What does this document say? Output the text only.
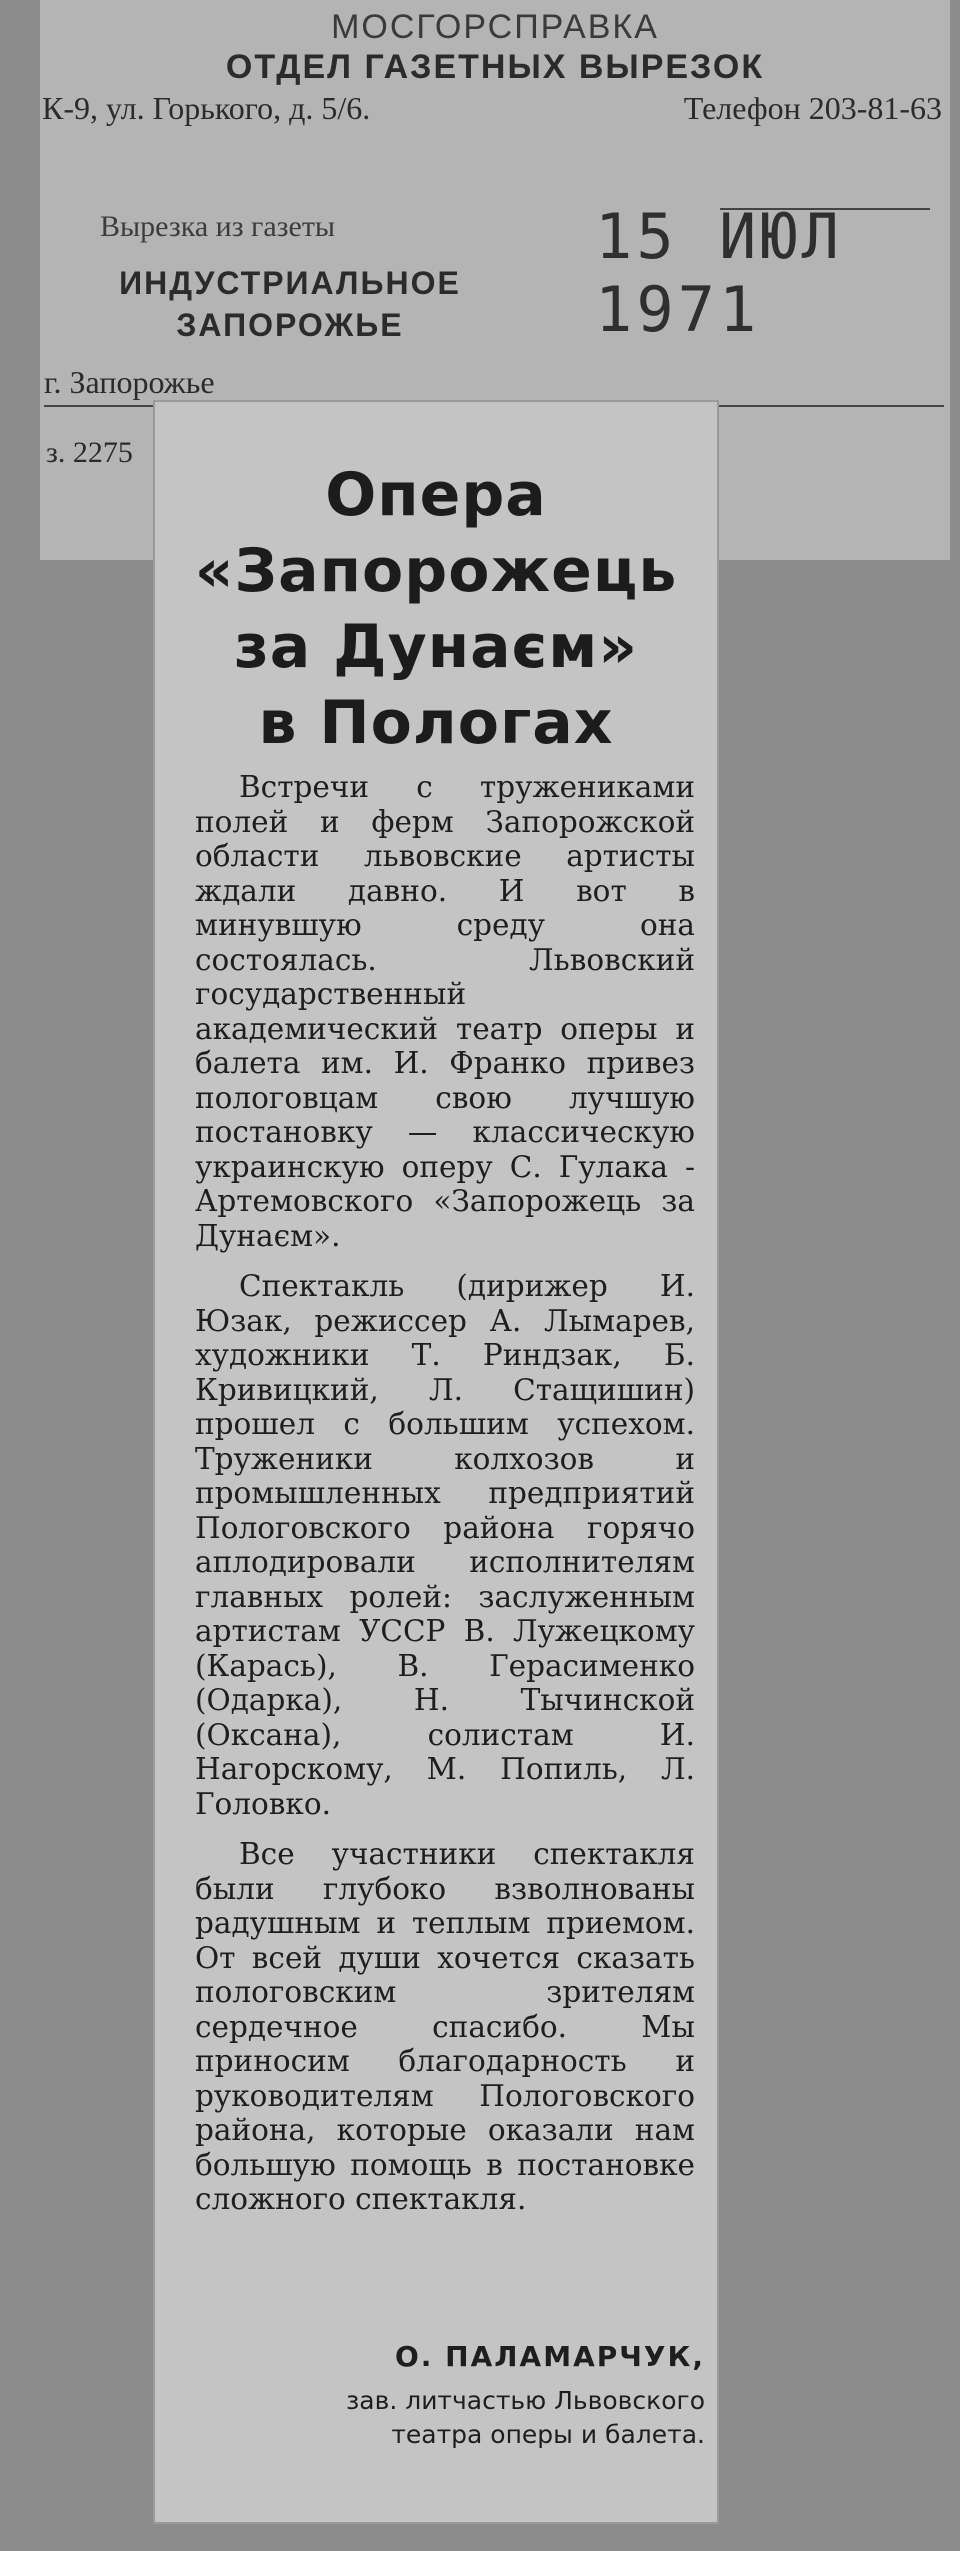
МОСГОРСПРАВКА
ОТДЕЛ ГАЗЕТНЫХ ВЫРЕЗОК
К-9, ул. Горького, д. 5/6.	Телефон 203-81-63
Вырезка из газеты
ИНДУСТРИАЛЬНОЕ
ЗАПОРОЖЬЕ
15 ИЮЛ 1971
г. Запорожье
з. 2275
Опера
«Запорожець
за Дунаєм»
в Пологах

Встречи с тружениками полей и ферм Запорожской области львовские артисты ждали давно. И вот в минувшую среду она состоялась. Львовский государственный академический театр оперы и балета им. И. Франко привез пологовцам свою лучшую постановку — классическую украинскую оперу С. Гулака - Артемовского «Запорожець за Дунаєм».

Спектакль (дирижер И. Юзак, режиссер А. Лымарев, художники Т. Риндзак, Б. Кривицкий, Л. Стащишин) прошел с большим успехом. Труженики колхозов и промышленных предприятий Пологовского района горячо аплодировали исполнителям главных ролей: заслуженным артистам УССР В. Лужецкому (Карась), В. Герасименко (Одарка), Н. Тычинской (Оксана), солистам И. Нагорскому, М. Попиль, Л. Головко.

Все участники спектакля были глубоко взволнованы радушным и теплым приемом. От всей души хочется сказать пологовским зрителям сердечное спасибо. Мы приносим благодарность и руководителям Пологовского района, которые оказали нам большую помощь в постановке сложного спектакля.

О. ПАЛАМАРЧУК,
зав. литчастью Львовского
театра оперы и балета.
